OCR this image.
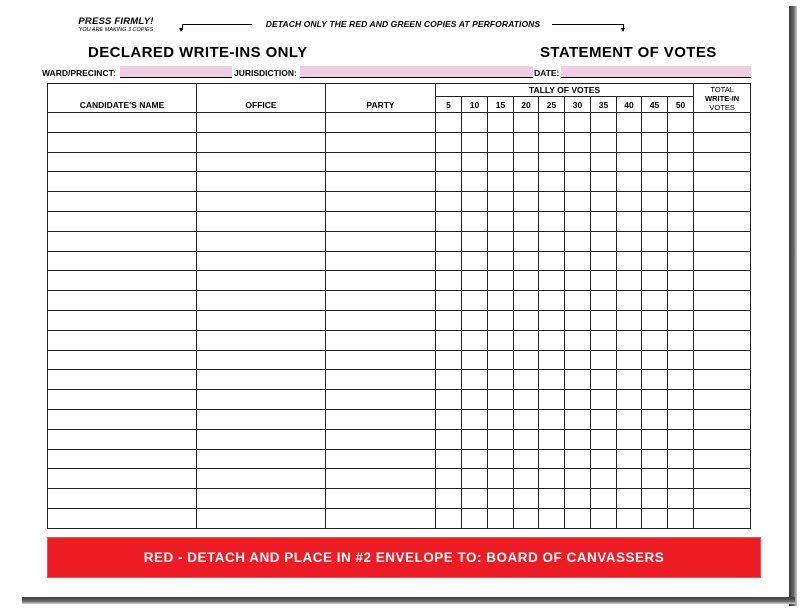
PRESS FIRMLY!
YOU ARE MAKING 3 COPIES
DETACH ONLY THE RED AND GREEN COPIES AT PERFORATIONS
DECLARED WRITE-INS ONLY	STATEMENT OF VOTES
WARD/PRECINCT:	JURISDICTION:	DATE:
CANDIDATE'S NAME	OFFICE	PARTY	TALLY OF VOTES										TOTAL
WRITE-IN
VOTES

			5	10	15	20	25	30	35	40	45	50	

RED - DETACH AND PLACE IN #2 ENVELOPE TO: BOARD OF CANVASSERS
